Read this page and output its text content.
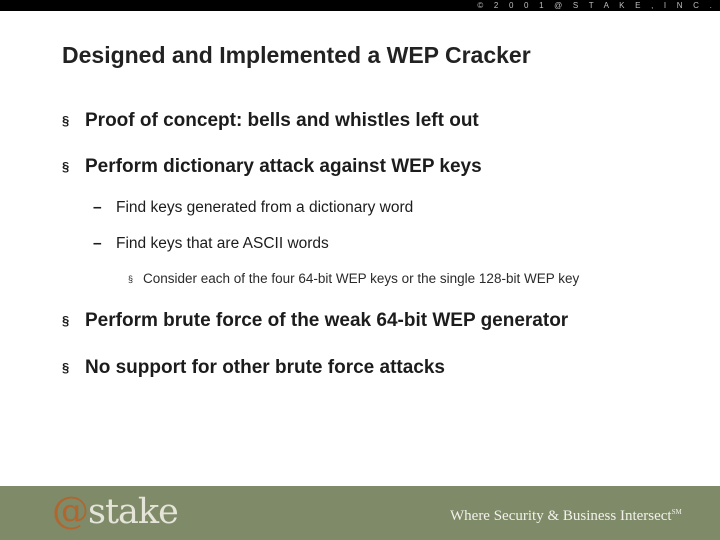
© 2 0 0 1 @ S T A K E , I N C .
Designed and Implemented a WEP Cracker
§ Proof of concept: bells and whistles left out
§ Perform dictionary attack against WEP keys
– Find keys generated from a dictionary word
– Find keys that are ASCII words
§ Consider each of the four 64-bit WEP keys or the single 128-bit WEP key
§ Perform brute force of the weak 64-bit WEP generator
§ No support for other brute force attacks
@stake	Where Security & Business Intersect℠
